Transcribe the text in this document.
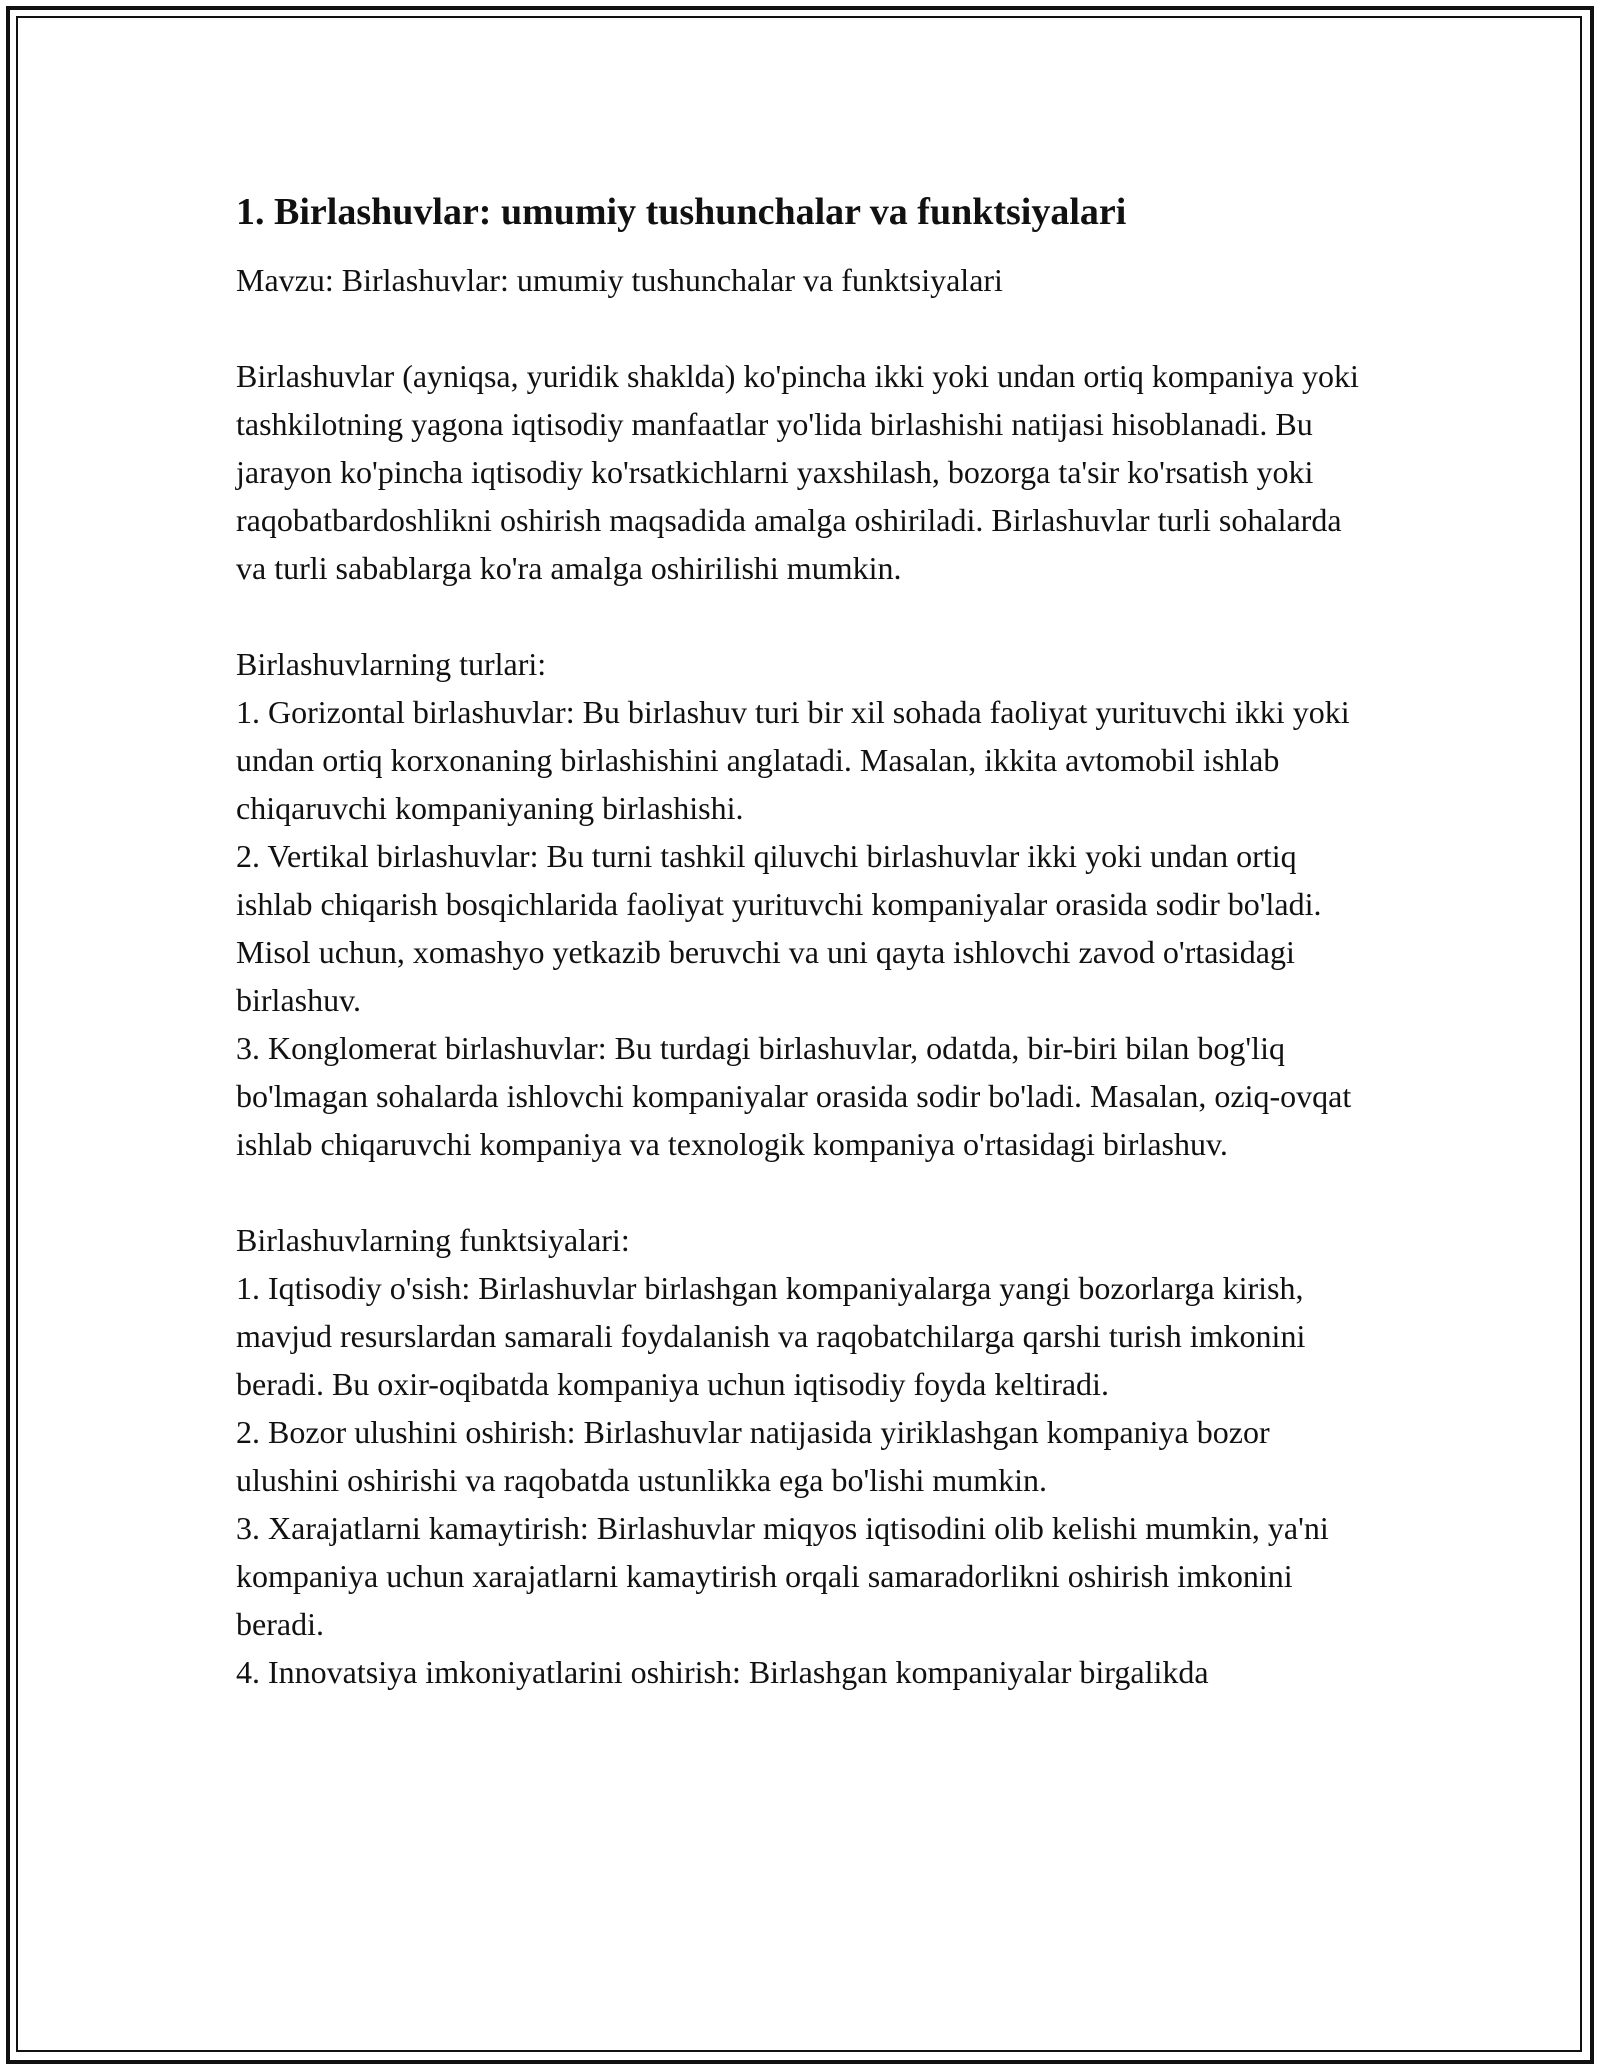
1. Birlashuvlar: umumiy tushunchalar va funktsiyalari

Mavzu: Birlashuvlar: umumiy tushunchalar va funktsiyalari

Birlashuvlar (ayniqsa, yuridik shaklda) ko'pincha ikki yoki undan ortiq kompaniya yoki tashkilotning yagona iqtisodiy manfaatlar yo'lida birlashishi natijasi hisoblanadi. Bu jarayon ko'pincha iqtisodiy ko'rsatkichlarni yaxshilash, bozorga ta'sir ko'rsatish yoki raqobatbardoshlikni oshirish maqsadida amalga oshiriladi. Birlashuvlar turli sohalarda va turli sabablarga ko'ra amalga oshirilishi mumkin.

Birlashuvlarning turlari:

1. Gorizontal birlashuvlar: Bu birlashuv turi bir xil sohada faoliyat yurituvchi ikki yoki undan ortiq korxonaning birlashishini anglatadi. Masalan, ikkita avtomobil ishlab chiqaruvchi kompaniyaning birlashishi.
2. Vertikal birlashuvlar: Bu turni tashkil qiluvchi birlashuvlar ikki yoki undan ortiq ishlab chiqarish bosqichlarida faoliyat yurituvchi kompaniyalar orasida sodir bo'ladi. Misol uchun, xomashyo yetkazib beruvchi va uni qayta ishlovchi zavod o'rtasidagi birlashuv.
3. Konglomerat birlashuvlar: Bu turdagi birlashuvlar, odatda, bir-biri bilan bog'liq bo'lmagan sohalarda ishlovchi kompaniyalar orasida sodir bo'ladi. Masalan, oziq-ovqat ishlab chiqaruvchi kompaniya va texnologik kompaniya o'rtasidagi birlashuv.

Birlashuvlarning funktsiyalari:

1. Iqtisodiy o'sish: Birlashuvlar birlashgan kompaniyalarga yangi bozorlarga kirish, mavjud resurslardan samarali foydalanish va raqobatchilarga qarshi turish imkonini beradi. Bu oxir-oqibatda kompaniya uchun iqtisodiy foyda keltiradi.
2. Bozor ulushini oshirish: Birlashuvlar natijasida yiriklashgan kompaniya bozor ulushini oshirishi va raqobatda ustunlikka ega bo'lishi mumkin.
3. Xarajatlarni kamaytirish: Birlashuvlar miqyos iqtisodini olib kelishi mumkin, ya'ni kompaniya uchun xarajatlarni kamaytirish orqali samaradorlikni oshirish imkonini beradi.
4. Innovatsiya imkoniyatlarini oshirish: Birlashgan kompaniyalar birgalikda
